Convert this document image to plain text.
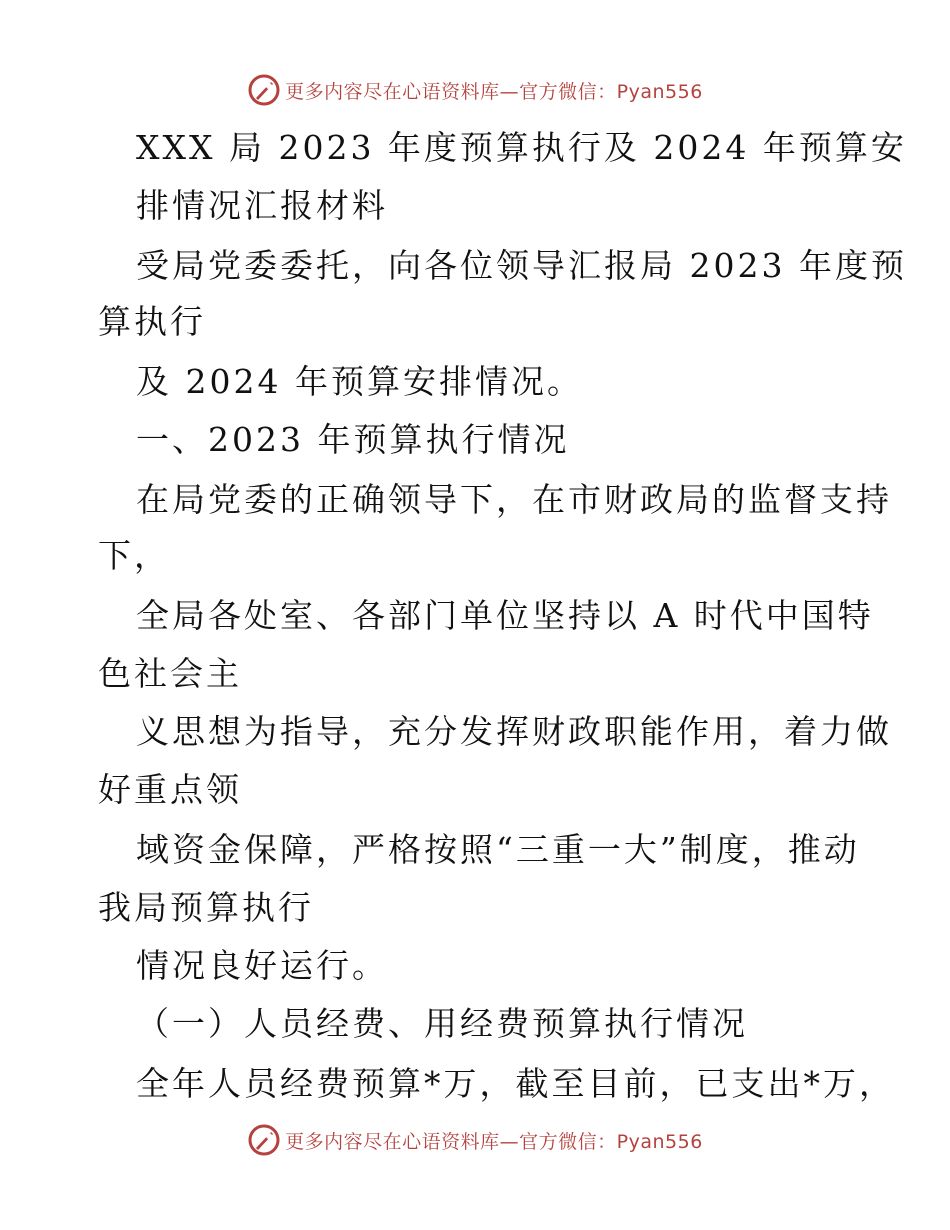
更多内容尽在心语资料库—官方微信：Pyan556
XXX 局 2023 年度预算执行及 2024 年预算安
排情况汇报材料
受局党委委托，向各位领导汇报局 2023 年度预
算执行
及 2024 年预算安排情况。
一、2023 年预算执行情况
在局党委的正确领导下，在市财政局的监督支持
下，
全局各处室、各部门单位坚持以 A 时代中国特
色社会主
义思想为指导，充分发挥财政职能作用，着力做
好重点领
域资金保障，严格按照“三重一大”制度，推动
我局预算执行
情况良好运行。
（一）人员经费、用经费预算执行情况
全年人员经费预算*万，截至目前，已支出*万，
更多内容尽在心语资料库—官方微信：Pyan556
